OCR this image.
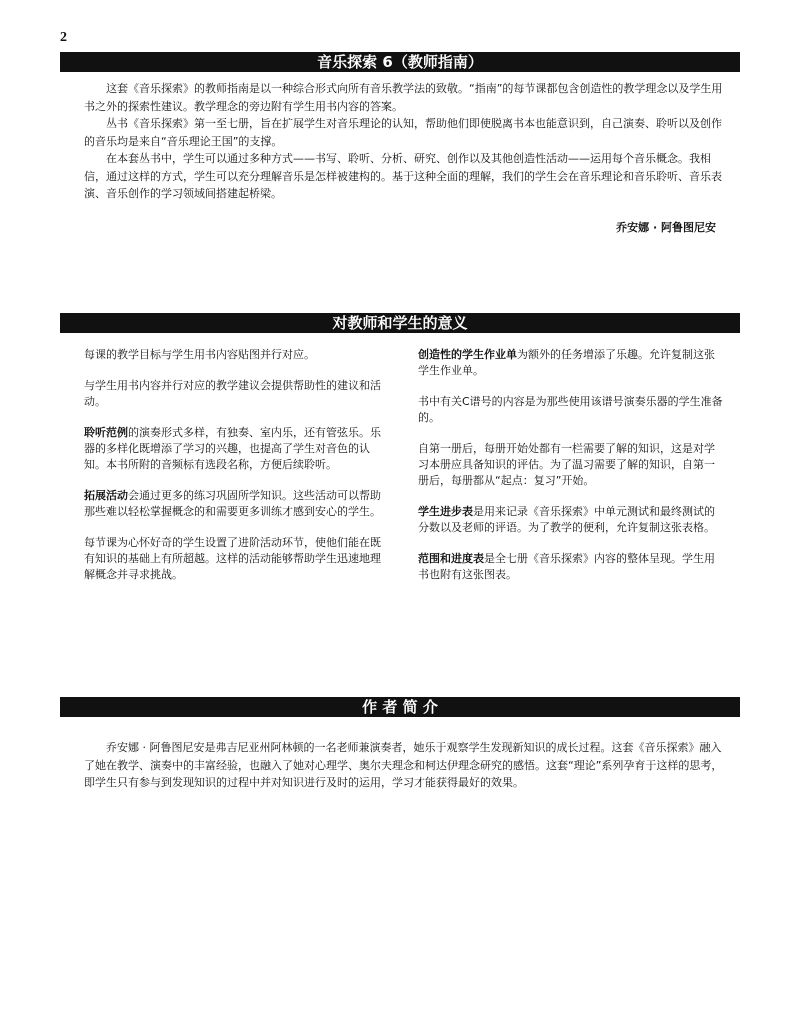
2
音乐探索 6（教师指南）

这套《音乐探索》的教师指南是以一种综合形式向所有音乐教学法的致敬。“指南”的每节课都包含创造性的教学理念以及学生用书之外的探索性建议。教学理念的旁边附有学生用书内容的答案。

丛书《音乐探索》第一至七册，旨在扩展学生对音乐理论的认知，帮助他们即使脱离书本也能意识到，自己演奏、聆听以及创作的音乐均是来自“音乐理论王国”的支撑。

在本套丛书中，学生可以通过多种方式——书写、聆听、分析、研究、创作以及其他创造性活动——运用每个音乐概念。我相信，通过这样的方式，学生可以充分理解音乐是怎样被建构的。基于这种全面的理解，我们的学生会在音乐理论和音乐聆听、音乐表演、音乐创作的学习领域间搭建起桥梁。

乔安娜 · 阿鲁图尼安
对教师和学生的意义

每课的教学目标与学生用书内容贴图并行对应。

与学生用书内容并行对应的教学建议会提供帮助性的建议和活动。

聆听范例的演奏形式多样，有独奏、室内乐，还有管弦乐。乐器的多样化既增添了学习的兴趣，也提高了学生对音色的认知。本书所附的音频标有选段名称，方便后续聆听。

拓展活动会通过更多的练习巩固所学知识。这些活动可以帮助那些难以轻松掌握概念的和需要更多训练才感到安心的学生。

每节课为心怀好奇的学生设置了进阶活动环节，使他们能在既有知识的基础上有所超越。这样的活动能够帮助学生迅速地理解概念并寻求挑战。

创造性的学生作业单为额外的任务增添了乐趣。允许复制这张学生作业单。

书中有关C谱号的内容是为那些使用该谱号演奏乐器的学生准备的。

自第一册后，每册开始处都有一栏需要了解的知识，这是对学习本册应具备知识的评估。为了温习需要了解的知识，自第一册后，每册都从“起点：复习”开始。

学生进步表是用来记录《音乐探索》中单元测试和最终测试的分数以及老师的评语。为了教学的便利，允许复制这张表格。

范围和进度表是全七册《音乐探索》内容的整体呈现。学生用书也附有这张图表。

作 者 简 介

乔安娜 · 阿鲁图尼安是弗吉尼亚州阿林顿的一名老师兼演奏者，她乐于观察学生发现新知识的成长过程。这套《音乐探索》融入了她在教学、演奏中的丰富经验，也融入了她对心理学、奥尔夫理念和柯达伊理念研究的感悟。这套“理论”系列孕育于这样的思考，即学生只有参与到发现知识的过程中并对知识进行及时的运用，学习才能获得最好的效果。
